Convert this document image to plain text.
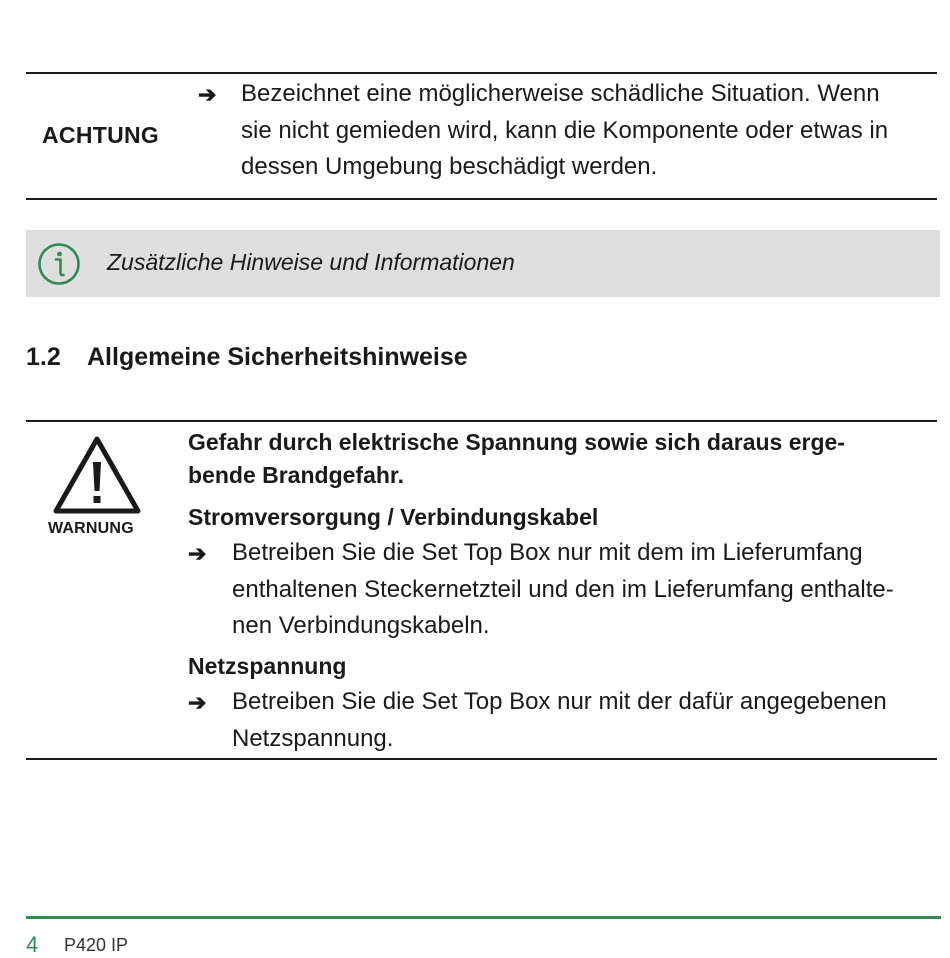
ACHTUNG
➔ Bezeichnet eine möglicherweise schädliche Situation. Wenn
sie nicht gemieden wird, kann die Komponente oder etwas in
dessen Umgebung beschädigt werden.
Zusätzliche Hinweise und Informationen
1.2 Allgemeine Sicherheitshinweise
WARNUNG
Gefahr durch elektrische Spannung sowie sich daraus erge-
bende Brandgefahr.
Stromversorgung / Verbindungskabel
➔ Betreiben Sie die Set Top Box nur mit dem im Lieferumfang
enthaltenen Steckernetzteil und den im Lieferumfang enthalte-
nen Verbindungskabeln.
Netzspannung
➔ Betreiben Sie die Set Top Box nur mit der dafür angegebenen
Netzspannung.
4 P420 IP
